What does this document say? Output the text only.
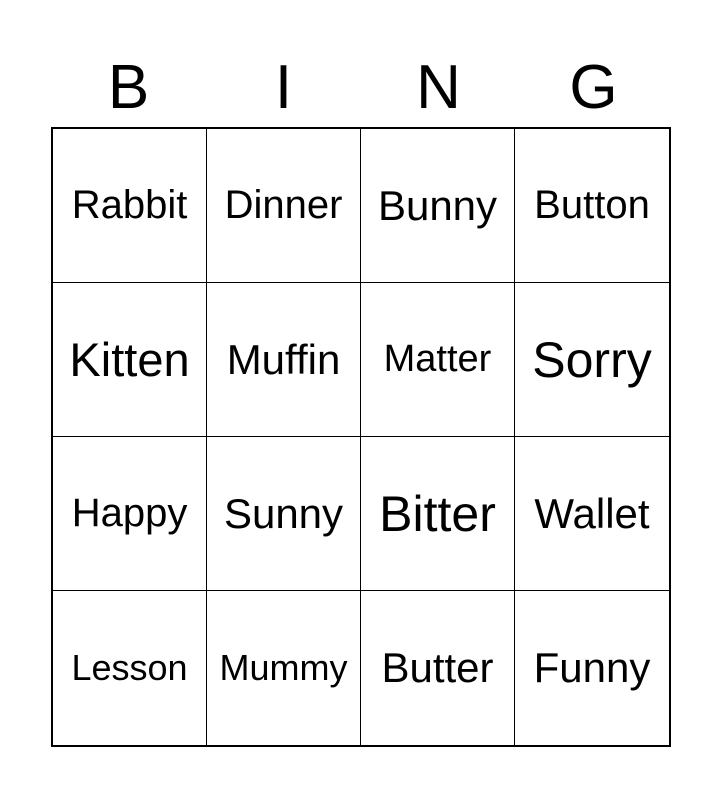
B	I	N	G
Rabbit Dinner Bunny Button
Kitten Muffin	Matter Sorry
Happy Sunny Bitter Wallet
Lesson Mummy Butter Funny
